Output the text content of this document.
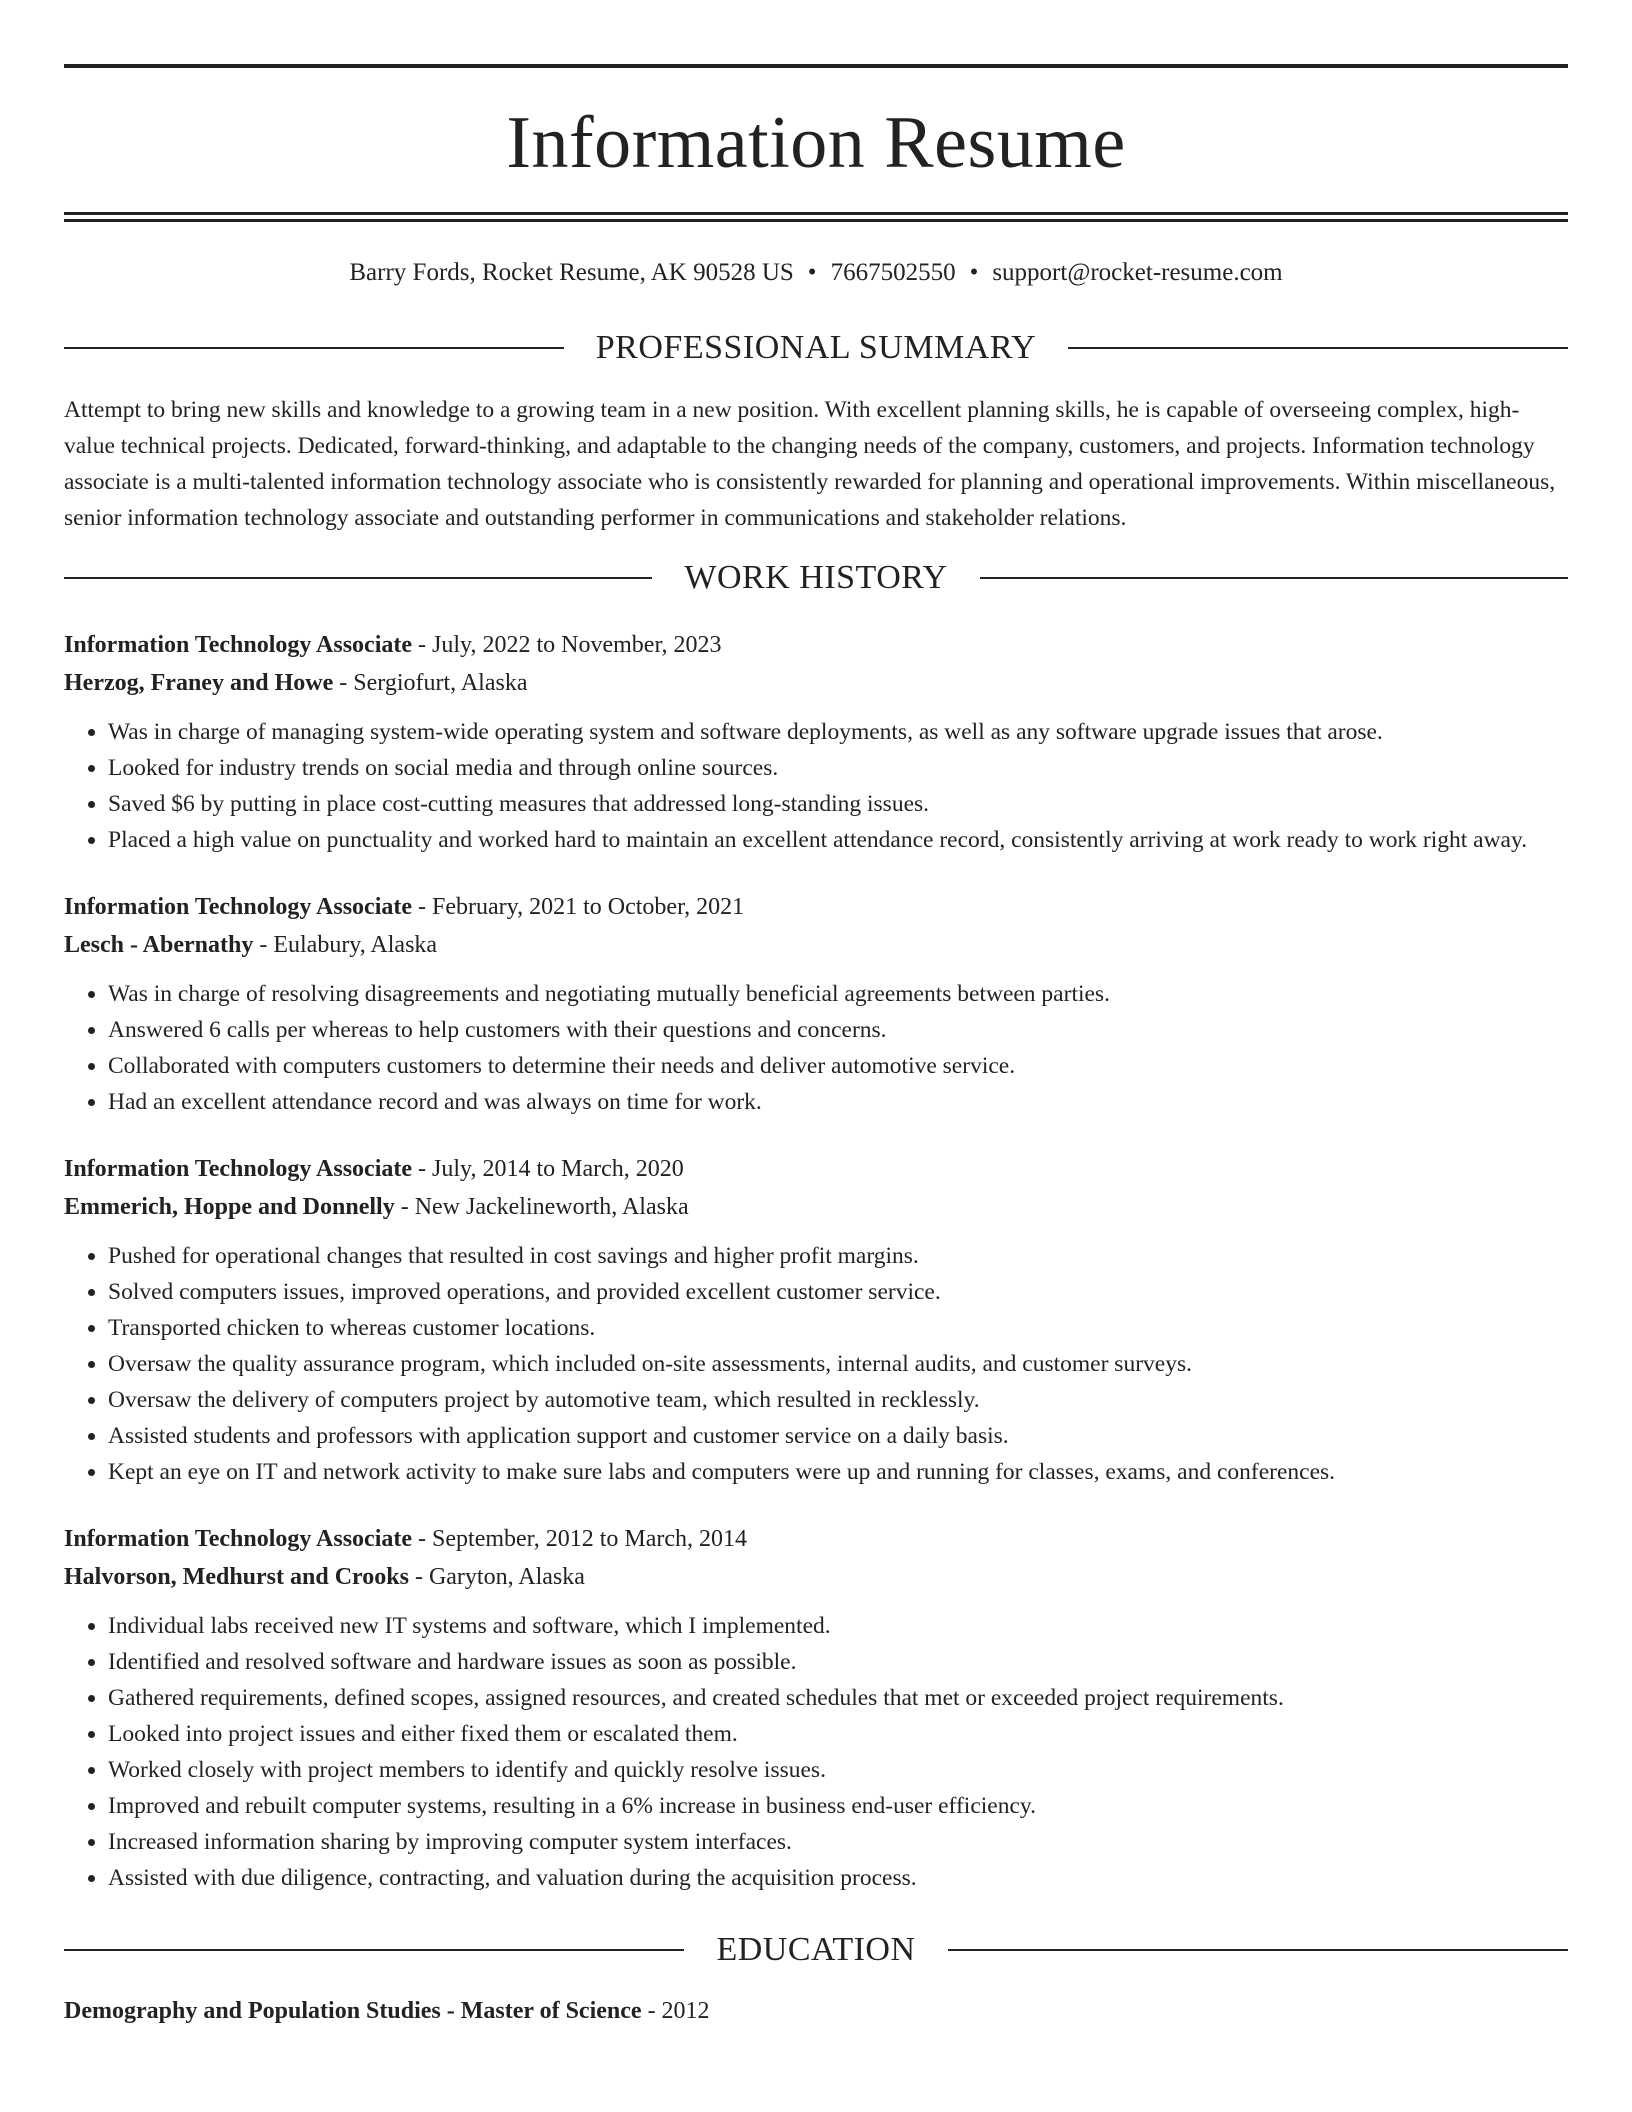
Information Resume
Barry Fords, Rocket Resume, AK 90528 US • 7667502550 • support@rocket-resume.com
PROFESSIONAL SUMMARY

Attempt to bring new skills and knowledge to a growing team in a new position. With excellent planning skills, he is capable of overseeing complex, high-value technical projects. Dedicated, forward-thinking, and adaptable to the changing needs of the company, customers, and projects. Information technology associate is a multi-talented information technology associate who is consistently rewarded for planning and operational improvements. Within miscellaneous, senior information technology associate and outstanding performer in communications and stakeholder relations.

WORK HISTORY
Information Technology Associate - July, 2022 to November, 2023
Herzog, Franey and Howe - Sergiofurt, Alaska
• Was in charge of managing system-wide operating system and software deployments, as well as any software upgrade issues that arose.
• Looked for industry trends on social media and through online sources.
• Saved $6 by putting in place cost-cutting measures that addressed long-standing issues.
• Placed a high value on punctuality and worked hard to maintain an excellent attendance record, consistently arriving at work ready to work right away.
Information Technology Associate - February, 2021 to October, 2021
Lesch - Abernathy - Eulabury, Alaska
• Was in charge of resolving disagreements and negotiating mutually beneficial agreements between parties.
• Answered 6 calls per whereas to help customers with their questions and concerns.
• Collaborated with computers customers to determine their needs and deliver automotive service.
• Had an excellent attendance record and was always on time for work.
Information Technology Associate - July, 2014 to March, 2020
Emmerich, Hoppe and Donnelly - New Jackelineworth, Alaska
• Pushed for operational changes that resulted in cost savings and higher profit margins.
• Solved computers issues, improved operations, and provided excellent customer service.
• Transported chicken to whereas customer locations.
• Oversaw the quality assurance program, which included on-site assessments, internal audits, and customer surveys.
• Oversaw the delivery of computers project by automotive team, which resulted in recklessly.
• Assisted students and professors with application support and customer service on a daily basis.
• Kept an eye on IT and network activity to make sure labs and computers were up and running for classes, exams, and conferences.
Information Technology Associate - September, 2012 to March, 2014
Halvorson, Medhurst and Crooks - Garyton, Alaska
• Individual labs received new IT systems and software, which I implemented.
• Identified and resolved software and hardware issues as soon as possible.
• Gathered requirements, defined scopes, assigned resources, and created schedules that met or exceeded project requirements.
• Looked into project issues and either fixed them or escalated them.
• Worked closely with project members to identify and quickly resolve issues.
• Improved and rebuilt computer systems, resulting in a 6% increase in business end-user efficiency.
• Increased information sharing by improving computer system interfaces.
• Assisted with due diligence, contracting, and valuation during the acquisition process.
EDUCATION
Demography and Population Studies - Master of Science - 2012
